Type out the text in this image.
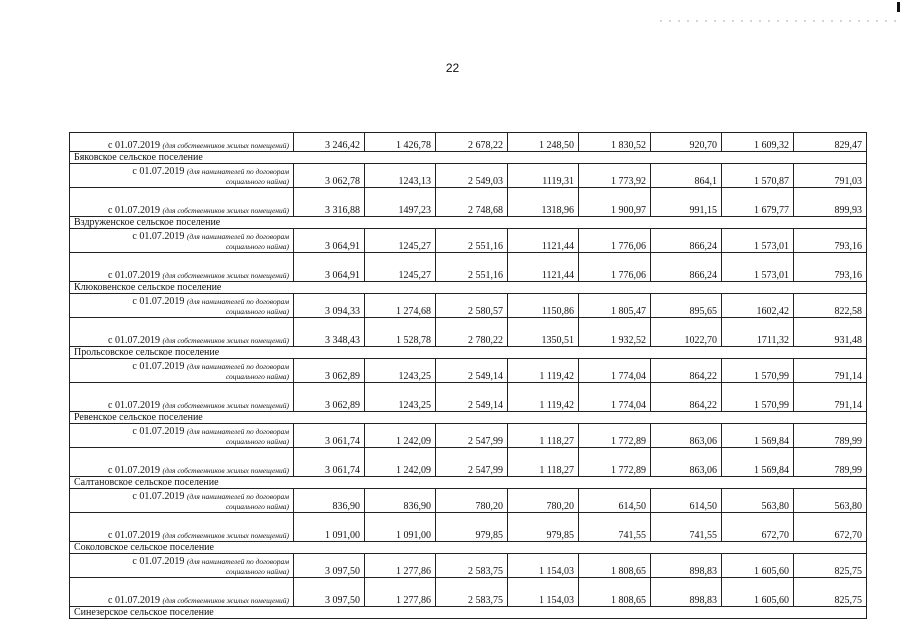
22
с 01.07.2019 (для собственников жилых помещений)	3 246,42	1 426,78	2 678,22	1 248,50	1 830,52	920,70	1 609,32	829,47
Бяковское сельское поселение								

с 01.07.2019 (для нанимателей по договорам
социального найма)	3 062,78	1243,13	2 549,03	1119,31	1 773,92	864,1	1 570,87	791,03
с 01.07.2019 (для собственников жилых помещений)	3 316,88	1497,23	2 748,68	1318,96	1 900,97	991,15	1 679,77	899,93
Вздруженское сельское поселение								

с 01.07.2019 (для нанимателей по договорам
социального найма)	3 064,91	1245,27	2 551,16	1121,44	1 776,06	866,24	1 573,01	793,16
с 01.07.2019 (для собственников жилых помещений)	3 064,91	1245,27	2 551,16	1121,44	1 776,06	866,24	1 573,01	793,16
Клюковенское сельское поселение								

с 01.07.2019 (для нанимателей по договорам
социального найма)	3 094,33	1 274,68	2 580,57	1150,86	1 805,47	895,65	1602,42	822,58
с 01.07.2019 (для собственников жилых помещений)	3 348,43	1 528,78	2 780,22	1350,51	1 932,52	1022,70	1711,32	931,48
Прольсовское сельское поселение								

с 01.07.2019 (для нанимателей по договорам
социального найма)	3 062,89	1243,25	2 549,14	1 119,42	1 774,04	864,22	1 570,99	791,14
с 01.07.2019 (для собственников жилых помещений)	3 062,89	1243,25	2 549,14	1 119,42	1 774,04	864,22	1 570,99	791,14
Ревенское сельское поселение								

с 01.07.2019 (для нанимателей по договорам
социального найма)	3 061,74	1 242,09	2 547,99	1 118,27	1 772,89	863,06	1 569,84	789,99
с 01.07.2019 (для собственников жилых помещений)	3 061,74	1 242,09	2 547,99	1 118,27	1 772,89	863,06	1 569,84	789,99
Салтановское сельское поселение								

с 01.07.2019 (для нанимателей по договорам
социального найма)	836,90	836,90	780,20	780,20	614,50	614,50	563,80	563,80
с 01.07.2019 (для собственников жилых помещений)	1 091,00	1 091,00	979,85	979,85	741,55	741,55	672,70	672,70
Соколовское сельское поселение								

с 01.07.2019 (для нанимателей по договорам
социального найма)	3 097,50	1 277,86	2 583,75	1 154,03	1 808,65	898,83	1 605,60	825,75
с 01.07.2019 (для собственников жилых помещений)	3 097,50	1 277,86	2 583,75	1 154,03	1 808,65	898,83	1 605,60	825,75
Синезерское сельское поселение								
